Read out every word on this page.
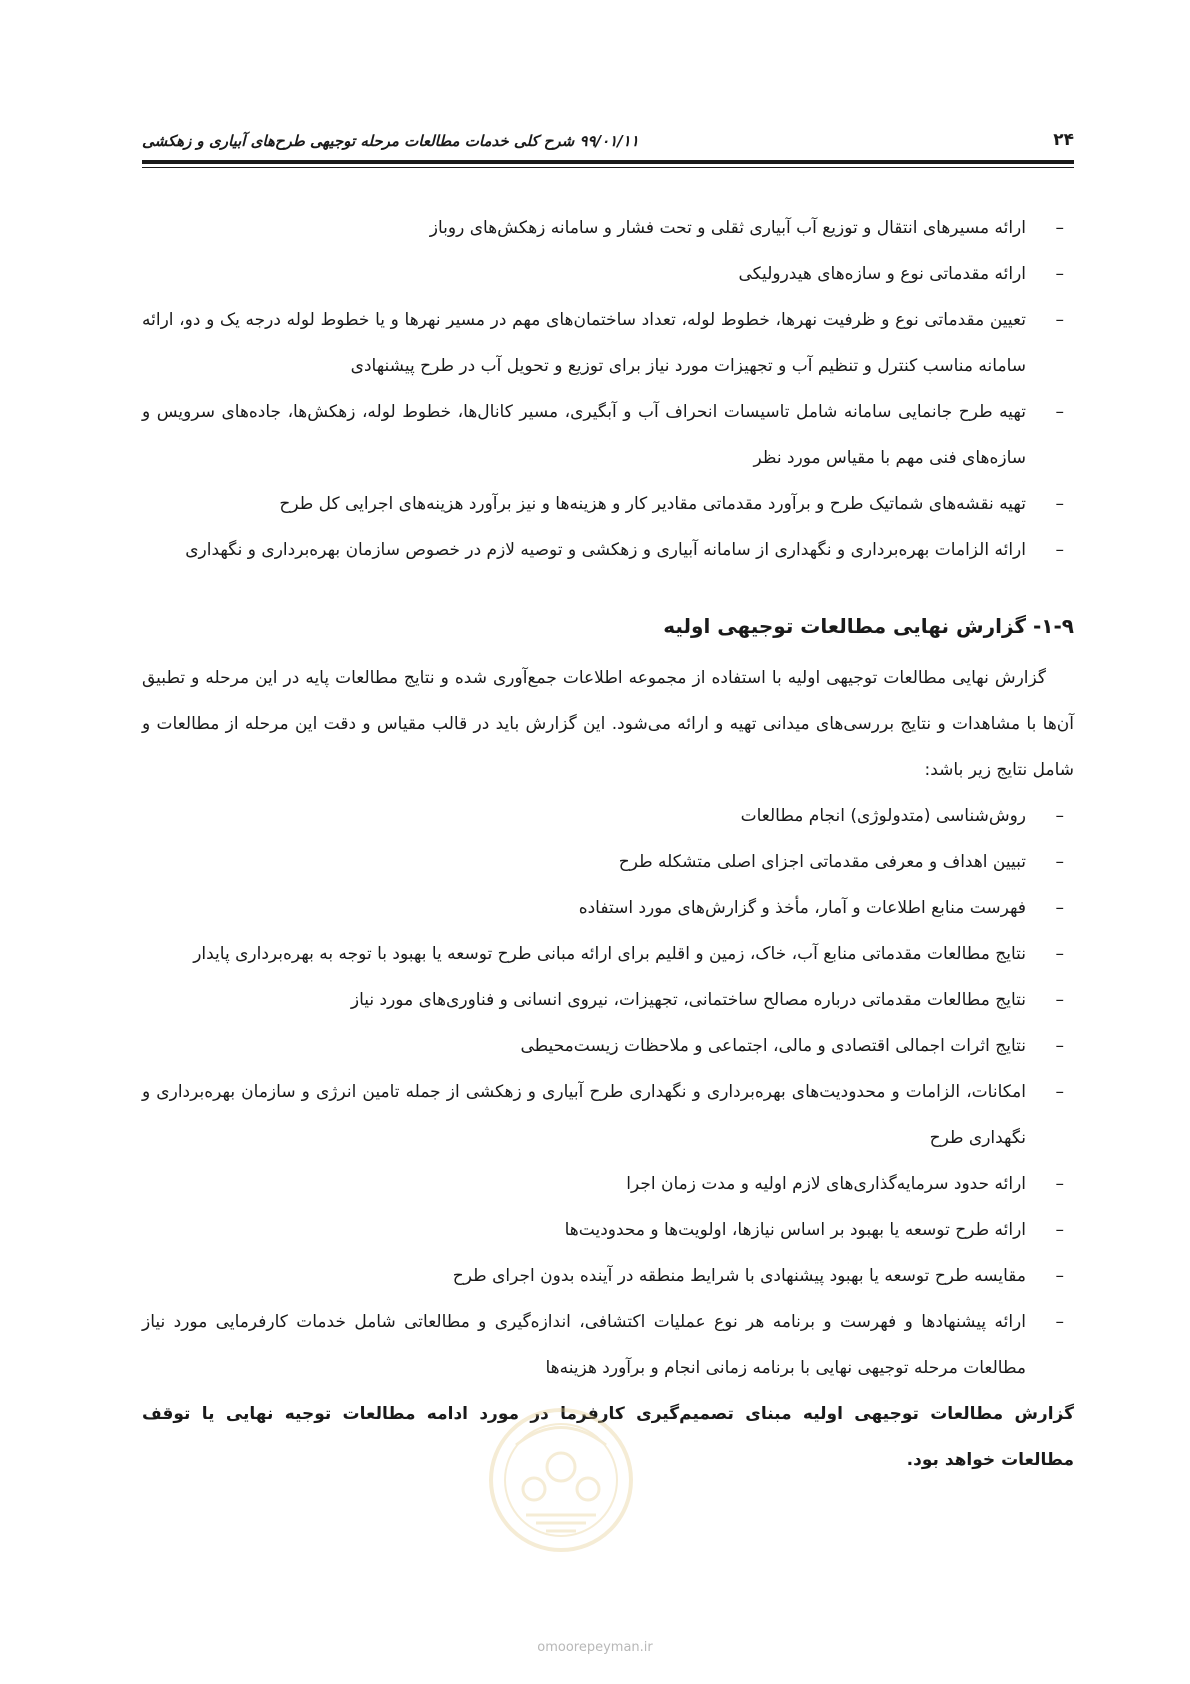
۲۴
۹۹/۰۱/۱۱ شرح کلی خدمات مطالعات مرحله توجیهی طرح‌های آبیاری و زهکشی
– ارائه مسیرهای انتقال و توزیع آب آبیاری ثقلی و تحت فشار و سامانه زهکش‌های روباز
– ارائه مقدماتی نوع و سازه‌های هیدرولیکی
– تعیین مقدماتی نوع و ظرفیت نهرها، خطوط لوله، تعداد ساختمان‌های مهم در مسیر نهرها و یا خطوط لوله درجه یک و دو، ارائه سامانه مناسب کنترل و تنظیم آب و تجهیزات مورد نیاز برای توزیع و تحویل آب در طرح پیشنهادی
– تهیه طرح جانمایی سامانه شامل تاسیسات انحراف آب و آبگیری، مسیر کانال‌ها، خطوط لوله، زهکش‌ها، جاده‌های سرویس و سازه‌های فنی مهم با مقیاس مورد نظر
– تهیه نقشه‌های شماتیک طرح و برآورد مقدماتی مقادیر کار و هزینه‌ها و نیز برآورد هزینه‌های اجرایی کل طرح
– ارائه الزامات بهره‌برداری و نگهداری از سامانه آبیاری و زهکشی و توصیه لازم در خصوص سازمان بهره‌برداری و نگهداری
۱-۹- گزارش نهایی مطالعات توجیهی اولیه

گزارش نهایی مطالعات توجیهی اولیه با استفاده از مجموعه اطلاعات جمع‌آوری شده و نتایج مطالعات پایه در این مرحله و تطبیق آن‌ها با مشاهدات و نتایج بررسی‌های میدانی تهیه و ارائه می‌شود. این گزارش باید در قالب مقیاس و دقت این مرحله از مطالعات و شامل نتایج زیر باشد:

– روش‌شناسی (متدولوژی) انجام مطالعات
– تبیین اهداف و معرفی مقدماتی اجزای اصلی متشکله طرح
– فهرست منابع اطلاعات و آمار، مأخذ و گزارش‌های مورد استفاده
– نتایج مطالعات مقدماتی منابع آب، خاک، زمین و اقلیم برای ارائه مبانی طرح توسعه یا بهبود با توجه به بهره‌برداری پایدار
– نتایج مطالعات مقدماتی درباره مصالح ساختمانی، تجهیزات، نیروی انسانی و فناوری‌های مورد نیاز
– نتایج اثرات اجمالی اقتصادی و مالی، اجتماعی و ملاحظات زیست‌محیطی
– امکانات، الزامات و محدودیت‌های بهره‌برداری و نگهداری طرح آبیاری و زهکشی از جمله تامین انرژی و سازمان بهره‌برداری و نگهداری طرح
– ارائه حدود سرمایه‌گذاری‌های لازم اولیه و مدت زمان اجرا
– ارائه طرح توسعه یا بهبود بر اساس نیازها، اولویت‌ها و محدودیت‌ها
– مقایسه طرح توسعه یا بهبود پیشنهادی با شرایط منطقه در آینده بدون اجرای طرح
– ارائه پیشنهادها و فهرست و برنامه هر نوع عملیات اکتشافی، اندازه‌گیری و مطالعاتی شامل خدمات کارفرمایی مورد نیاز مطالعات مرحله توجیهی نهایی با برنامه زمانی انجام و برآورد هزینه‌ها

گزارش مطالعات توجیهی اولیه مبنای تصمیم‌گیری کارفرما در مورد ادامه مطالعات توجیه نهایی یا توقف مطالعات خواهد بود.

omoorepeyman.ir
